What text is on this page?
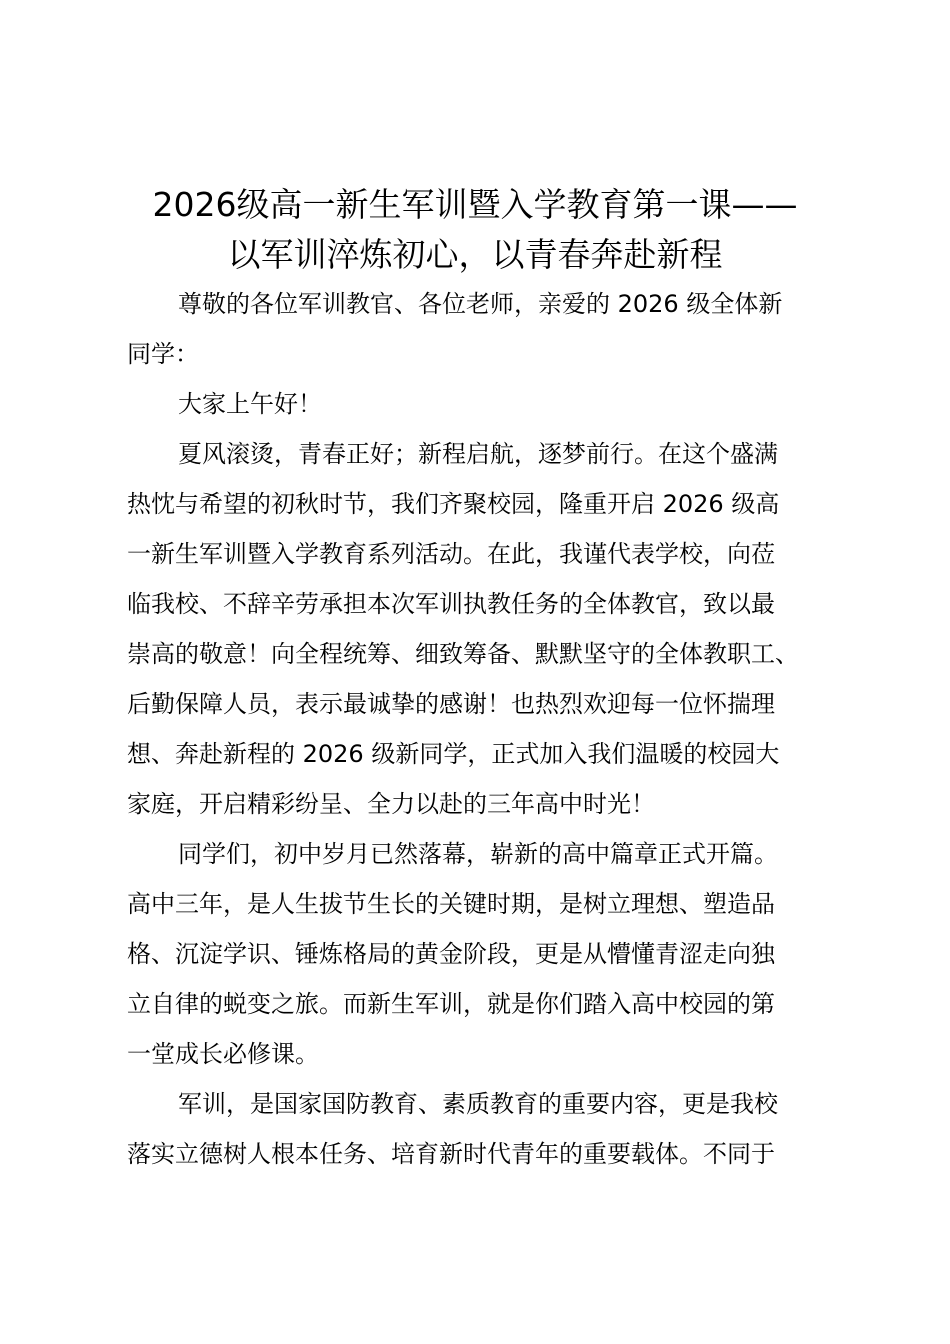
2026级高一新生军训暨入学教育第一课——
以军训淬炼初心，以青春奔赴新程
尊敬的各位军训教官、各位老师，亲爱的 2026 级全体新
同学：
大家上午好！
夏风滚烫，青春正好；新程启航，逐梦前行。在这个盛满
热忱与希望的初秋时节，我们齐聚校园，隆重开启 2026 级高
一新生军训暨入学教育系列活动。在此，我谨代表学校，向莅
临我校、不辞辛劳承担本次军训执教任务的全体教官，致以最
崇高的敬意！向全程统筹、细致筹备、默默坚守的全体教职工、
后勤保障人员，表示最诚挚的感谢！也热烈欢迎每一位怀揣理
想、奔赴新程的 2026 级新同学，正式加入我们温暖的校园大
家庭，开启精彩纷呈、全力以赴的三年高中时光！
同学们，初中岁月已然落幕，崭新的高中篇章正式开篇。
高中三年，是人生拔节生长的关键时期，是树立理想、塑造品
格、沉淀学识、锤炼格局的黄金阶段，更是从懵懂青涩走向独
立自律的蜕变之旅。而新生军训，就是你们踏入高中校园的第
一堂成长必修课。
军训，是国家国防教育、素质教育的重要内容，更是我校
落实立德树人根本任务、培育新时代青年的重要载体。不同于
